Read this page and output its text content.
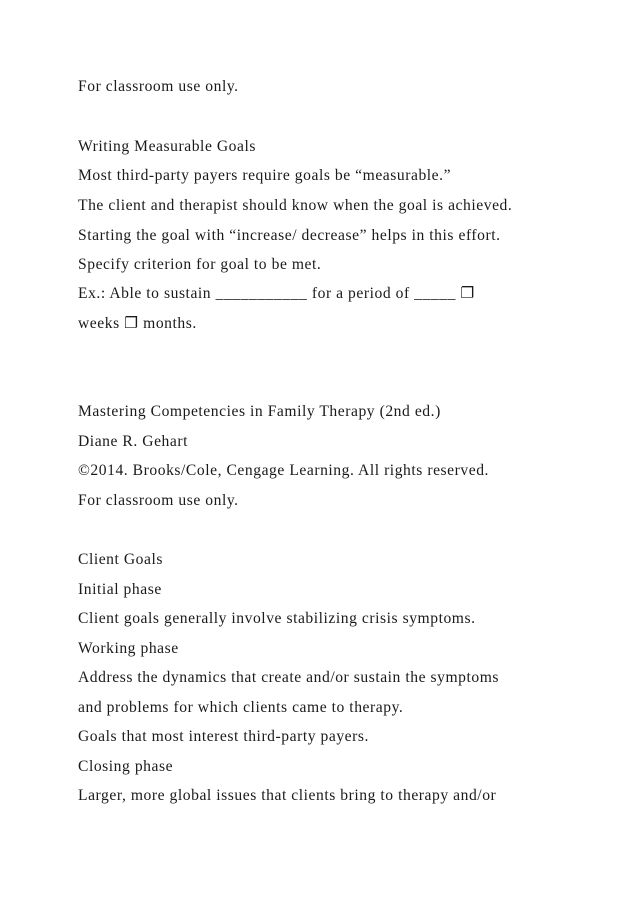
For classroom use only.
Writing Measurable Goals
Most third-party payers require goals be “measurable.”
The client and therapist should know when the goal is achieved.
Starting the goal with “increase/ decrease” helps in this effort.
Specify criterion for goal to be met.
Ex.: Able to sustain ___________ for a period of _____ ❐
weeks ❐ months.
Mastering Competencies in Family Therapy (2nd ed.)
Diane R. Gehart
©2014. Brooks/Cole, Cengage Learning. All rights reserved.
For classroom use only.
Client Goals
Initial phase
Client goals generally involve stabilizing crisis symptoms.
Working phase
Address the dynamics that create and/or sustain the symptoms
and problems for which clients came to therapy.
Goals that most interest third-party payers.
Closing phase
Larger, more global issues that clients bring to therapy and/or
